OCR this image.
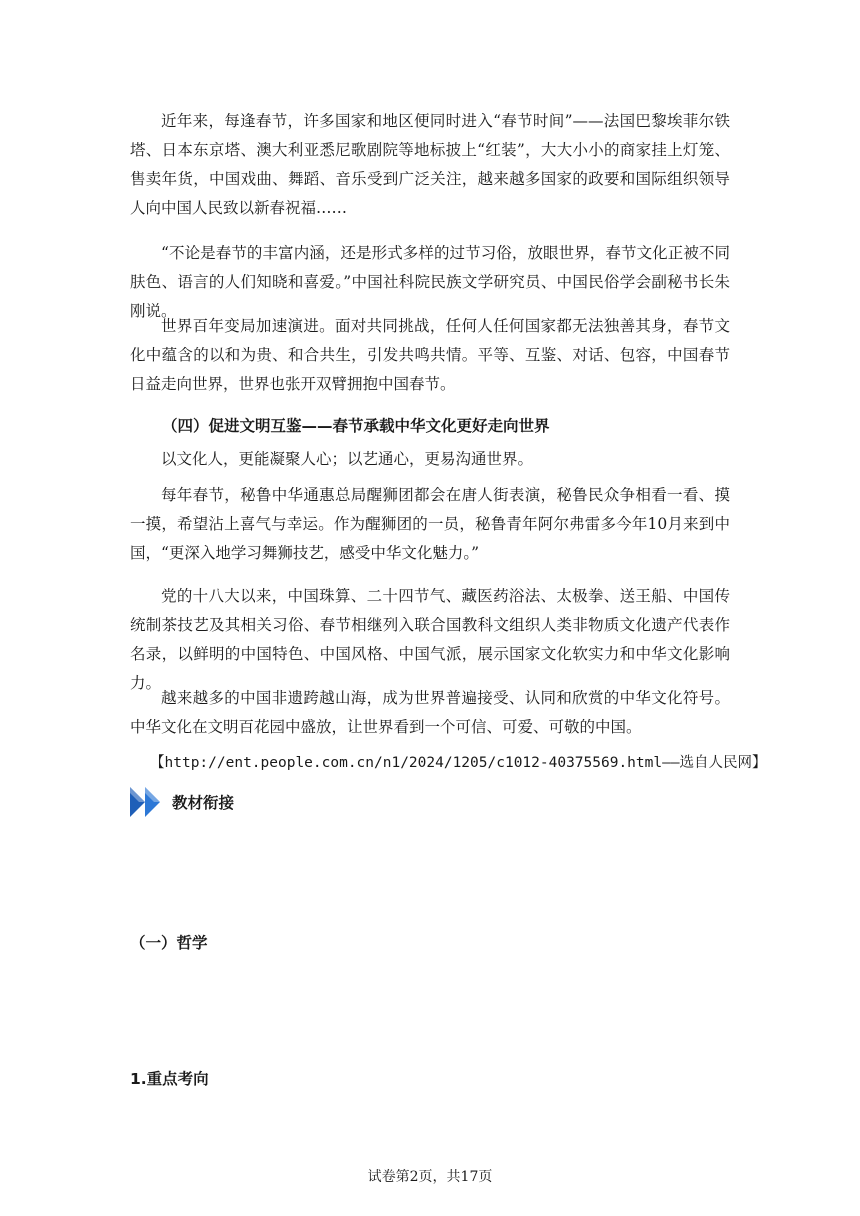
近年来，每逢春节，许多国家和地区便同时进入“春节时间”——法国巴黎埃菲尔铁塔、日本东京塔、澳大利亚悉尼歌剧院等地标披上“红装”，大大小小的商家挂上灯笼、售卖年货，中国戏曲、舞蹈、音乐受到广泛关注，越来越多国家的政要和国际组织领导人向中国人民致以新春祝福……

“不论是春节的丰富内涵，还是形式多样的过节习俗，放眼世界，春节文化正被不同肤色、语言的人们知晓和喜爱。”中国社科院民族文学研究员、中国民俗学会副秘书长朱刚说。

世界百年变局加速演进。面对共同挑战，任何人任何国家都无法独善其身，春节文化中蕴含的以和为贵、和合共生，引发共鸣共情。平等、互鉴、对话、包容，中国春节日益走向世界，世界也张开双臂拥抱中国春节。

（四）促进文明互鉴——春节承载中华文化更好走向世界

以文化人，更能凝聚人心；以艺通心，更易沟通世界。

每年春节，秘鲁中华通惠总局醒狮团都会在唐人街表演，秘鲁民众争相看一看、摸一摸，希望沾上喜气与幸运。作为醒狮团的一员，秘鲁青年阿尔弗雷多今年10月来到中国，“更深入地学习舞狮技艺，感受中华文化魅力。”

党的十八大以来，中国珠算、二十四节气、藏医药浴法、太极拳、送王船、中国传统制茶技艺及其相关习俗、春节相继列入联合国教科文组织人类非物质文化遗产代表作名录，以鲜明的中国特色、中国风格、中国气派，展示国家文化软实力和中华文化影响力。

越来越多的中国非遗跨越山海，成为世界普遍接受、认同和欣赏的中华文化符号。中华文化在文明百花园中盛放，让世界看到一个可信、可爱、可敬的中国。

【http://ent.people.com.cn/n1/2024/1205/c1012-40375569.html——选自人民网】
教材衔接

（一）哲学

1.重点考向

试卷第2页，共17页
